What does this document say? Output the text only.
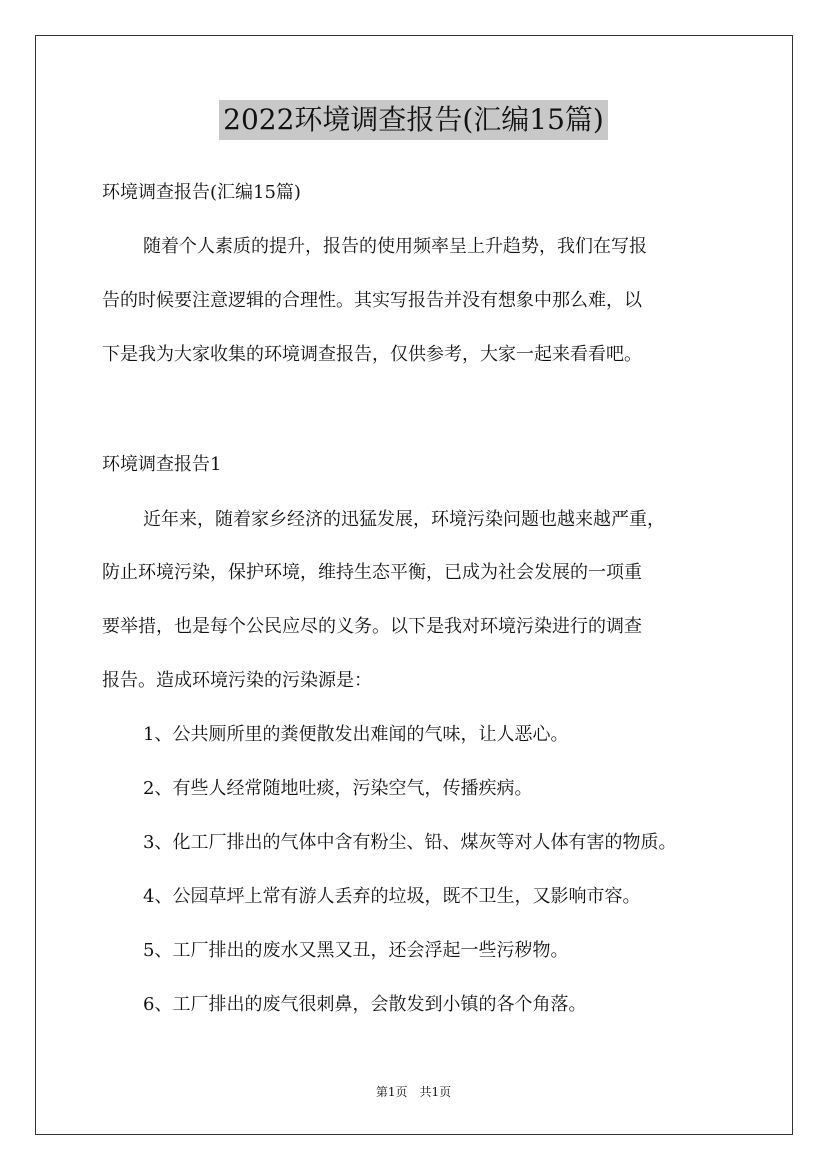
2022环境调查报告(汇编15篇)
环境调查报告(汇编15篇)
随着个人素质的提升，报告的使用频率呈上升趋势，我们在写报
告的时候要注意逻辑的合理性。其实写报告并没有想象中那么难，以
下是我为大家收集的环境调查报告，仅供参考，大家一起来看看吧。
环境调查报告1
近年来，随着家乡经济的迅猛发展，环境污染问题也越来越严重，
防止环境污染，保护环境，维持生态平衡，已成为社会发展的一项重
要举措，也是每个公民应尽的义务。以下是我对环境污染进行的调查
报告。造成环境污染的污染源是：
1、公共厕所里的粪便散发出难闻的气味，让人恶心。
2、有些人经常随地吐痰，污染空气，传播疾病。
3、化工厂排出的气体中含有粉尘、铅、煤灰等对人体有害的物质。
4、公园草坪上常有游人丢弃的垃圾，既不卫生，又影响市容。
5、工厂排出的废水又黑又丑，还会浮起一些污秽物。
6、工厂排出的废气很刺鼻，会散发到小镇的各个角落。
第1页　共1页
